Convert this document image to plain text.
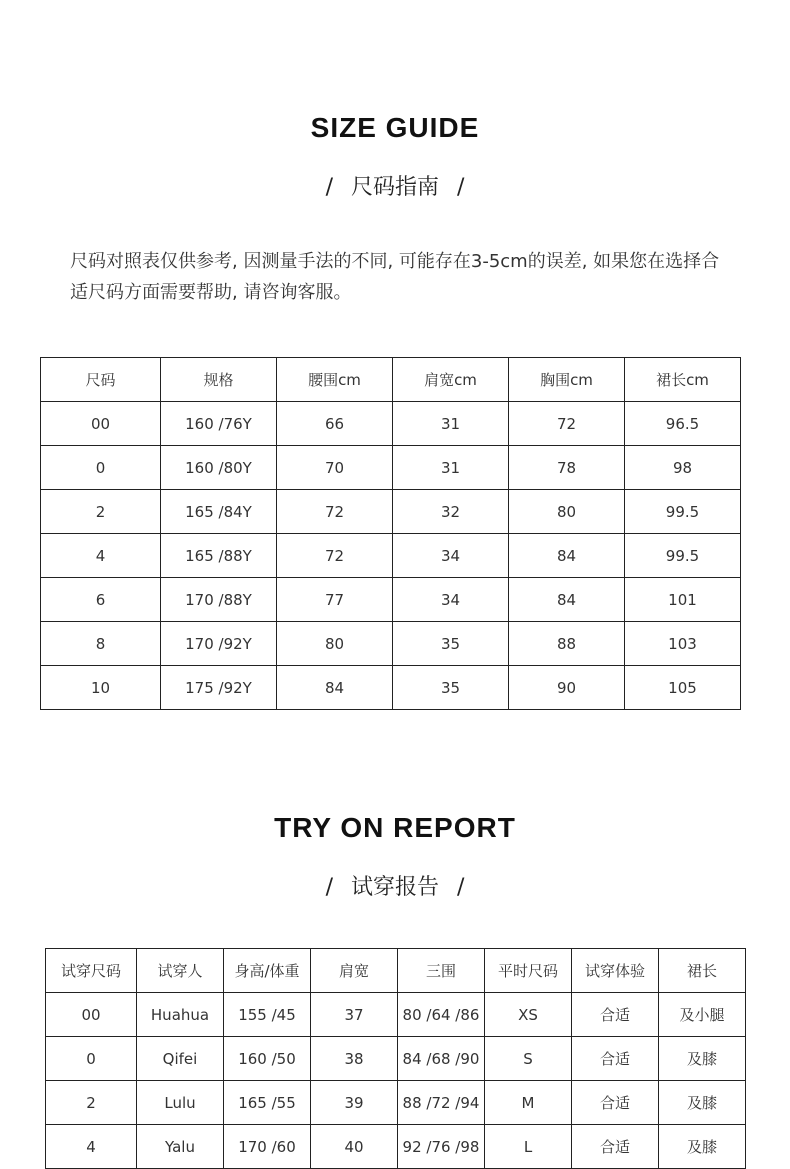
SIZE GUIDE
/ 尺码指南 /
尺码对照表仅供参考, 因测量手法的不同, 可能存在3-5cm的误差, 如果您在选择合适尺码方面需要帮助, 请咨询客服。
尺码	规格	腰围cm	肩宽cm	胸围cm	裙长cm
00	160 /76Y	66	31	72	96.5
0	160 /80Y	70	31	78	98
2	165 /84Y	72	32	80	99.5
4	165 /88Y	72	34	84	99.5
6	170 /88Y	77	34	84	101
8	170 /92Y	80	35	88	103
10	175 /92Y	84	35	90	105
TRY ON REPORT
/ 试穿报告 /
试穿尺码	试穿人	身高/体重	肩宽	三围	平时尺码	试穿体验	裙长
00	Huahua	155 /45	37	80 /64 /86	XS	合适	及小腿
0	Qifei	160 /50	38	84 /68 /90	S	合适	及膝
2	Lulu	165 /55	39	88 /72 /94	M	合适	及膝
4	Yalu	170 /60	40	92 /76 /98	L	合适	及膝
